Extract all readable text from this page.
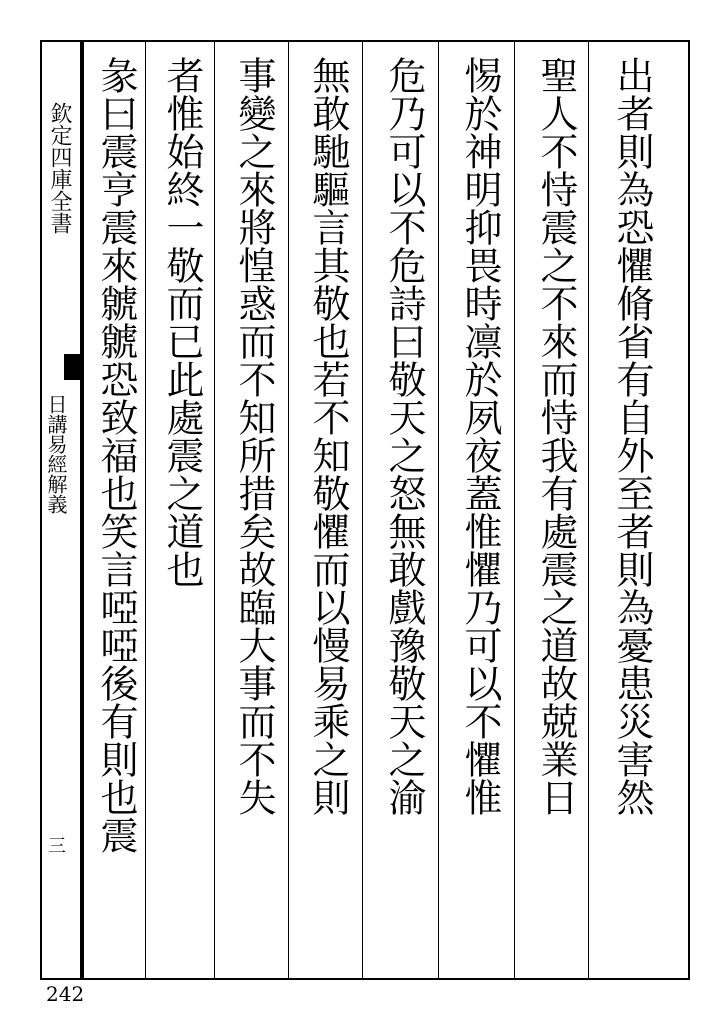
欽定四庫全書
日講易經解義
三
出者則為恐懼脩省有自外至者則為憂患災害然
聖人不恃震之不來而恃我有處震之道故兢業日
惕於神明抑畏時凛於夙夜蓋惟懼乃可以不懼惟
危乃可以不危詩曰敬天之怒無敢戲豫敬天之渝
無敢馳驅言其敬也若不知敬懼而以慢易乘之則
事變之來將惶惑而不知所措矣故臨大事而不失
者惟始終一敬而已此處震之道也
彖曰震亨震來虩虩恐致福也笑言啞啞後有則也震
242
